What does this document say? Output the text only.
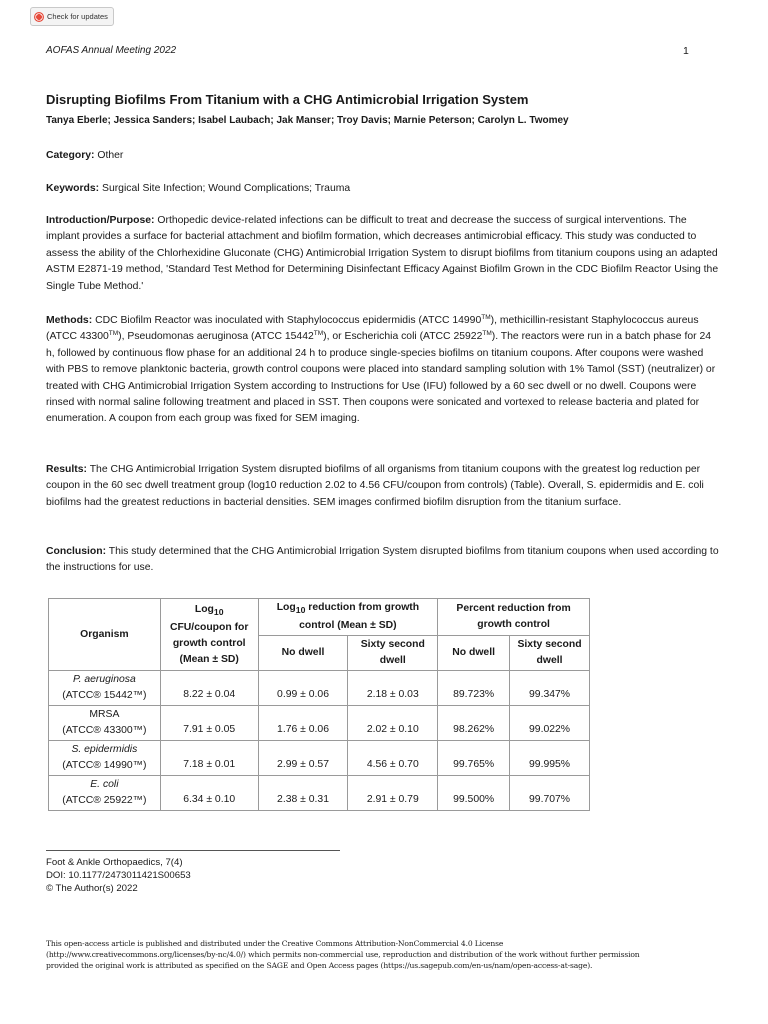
Check for updates
AOFAS Annual Meeting 2022	1
Disrupting Biofilms From Titanium with a CHG Antimicrobial Irrigation System
Tanya Eberle; Jessica Sanders; Isabel Laubach; Jak Manser; Troy Davis; Marnie Peterson; Carolyn L. Twomey

Category: Other

Keywords: Surgical Site Infection; Wound Complications; Trauma

Introduction/Purpose: Orthopedic device-related infections can be difficult to treat and decrease the success of surgical interventions. The implant provides a surface for bacterial attachment and biofilm formation, which decreases antimicrobial efficacy. This study was conducted to assess the ability of the Chlorhexidine Gluconate (CHG) Antimicrobial Irrigation System to disrupt biofilms from titanium coupons using an adapted ASTM E2871-19 method, 'Standard Test Method for Determining Disinfectant Efficacy Against Biofilm Grown in the CDC Biofilm Reactor Using the Single Tube Method.'

Methods: CDC Biofilm Reactor was inoculated with Staphylococcus epidermidis (ATCC 14990™), methicillin-resistant Staphylococcus aureus (ATCC 43300™), Pseudomonas aeruginosa (ATCC 15442™), or Escherichia coli (ATCC 25922™). The reactors were run in a batch phase for 24 h, followed by continuous flow phase for an additional 24 h to produce single-species biofilms on titanium coupons. After coupons were washed with PBS to remove planktonic bacteria, growth control coupons were placed into standard sampling solution with 1% Tamol (SST) (neutralizer) or treated with CHG Antimicrobial Irrigation System according to Instructions for Use (IFU) followed by a 60 sec dwell or no dwell. Coupons were rinsed with normal saline following treatment and placed in SST. Then coupons were sonicated and vortexed to release bacteria and plated for enumeration. A coupon from each group was fixed for SEM imaging.

Results: The CHG Antimicrobial Irrigation System disrupted biofilms of all organisms from titanium coupons with the greatest log reduction per coupon in the 60 sec dwell treatment group (log10 reduction 2.02 to 4.56 CFU/coupon from controls) (Table). Overall, S. epidermidis and E. coli biofilms had the greatest reductions in bacterial densities. SEM images confirmed biofilm disruption from the titanium surface.

Conclusion: This study determined that the CHG Antimicrobial Irrigation System disrupted biofilms from titanium coupons when used according to the instructions for use.

Organism	Log$_{10}$ CFU/coupon for growth control (Mean ± SD)	Log$_{10}$ reduction from growth control (Mean ± SD)		Percent reduction from growth control	
		No dwell	Sixty second dwell	No dwell	Sixty second dwell
P. aeruginosa
(ATCC® 15442™)	8.22 ± 0.04	0.99 ± 0.06	2.18 ± 0.03	89.723%	99.347%
MRSA
(ATCC® 43300™)	7.91 ± 0.05	1.76 ± 0.06	2.02 ± 0.10	98.262%	99.022%
S. epidermidis
(ATCC® 14990™)	7.18 ± 0.01	2.99 ± 0.57	4.56 ± 0.70	99.765%	99.995%
E. coli
(ATCC® 25922™)	6.34 ± 0.10	2.38 ± 0.31	2.91 ± 0.79	99.500%	99.707%
Foot & Ankle Orthopaedics, 7(4)
DOI: 10.1177/2473011421S00653
© The Author(s) 2022
This open-access article is published and distributed under the Creative Commons Attribution-NonCommercial 4.0 License
(http://www.creativecommons.org/licenses/by-nc/4.0/) which permits non-commercial use, reproduction and distribution of the work without further permission
provided the original work is attributed as specified on the SAGE and Open Access pages (https://us.sagepub.com/en-us/nam/open-access-at-sage).
